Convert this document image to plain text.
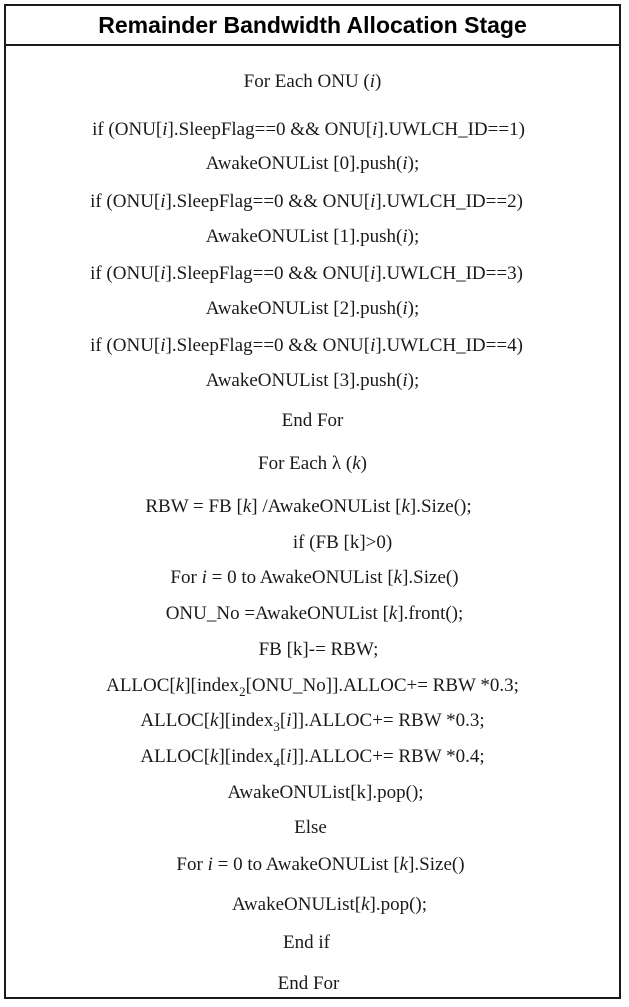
Remainder Bandwidth Allocation Stage
For Each ONU (i)
if (ONU[i].SleepFlag==0 && ONU[i].UWLCH_ID==1)
AwakeONUList [0].push(i);
if (ONU[i].SleepFlag==0 && ONU[i].UWLCH_ID==2)
AwakeONUList [1].push(i);
if (ONU[i].SleepFlag==0 && ONU[i].UWLCH_ID==3)
AwakeONUList [2].push(i);
if (ONU[i].SleepFlag==0 && ONU[i].UWLCH_ID==4)
AwakeONUList [3].push(i);
End For
For Each λ (k)
RBW = FB [k] /AwakeONUList [k].Size();
if (FB [k]>0)
For i = 0 to AwakeONUList [k].Size()
ONU_No =AwakeONUList [k].front();
FB [k]-= RBW;
ALLOC[k][index$_2$[ONU_No]].ALLOC+= RBW *0.3;
ALLOC[k][index$_3$[i]].ALLOC+= RBW *0.3;
ALLOC[k][index$_4$[i]].ALLOC+= RBW *0.4;
AwakeONUList[k].pop();
Else
For i = 0 to AwakeONUList [k].Size()
AwakeONUList[k].pop();
End if
End For
